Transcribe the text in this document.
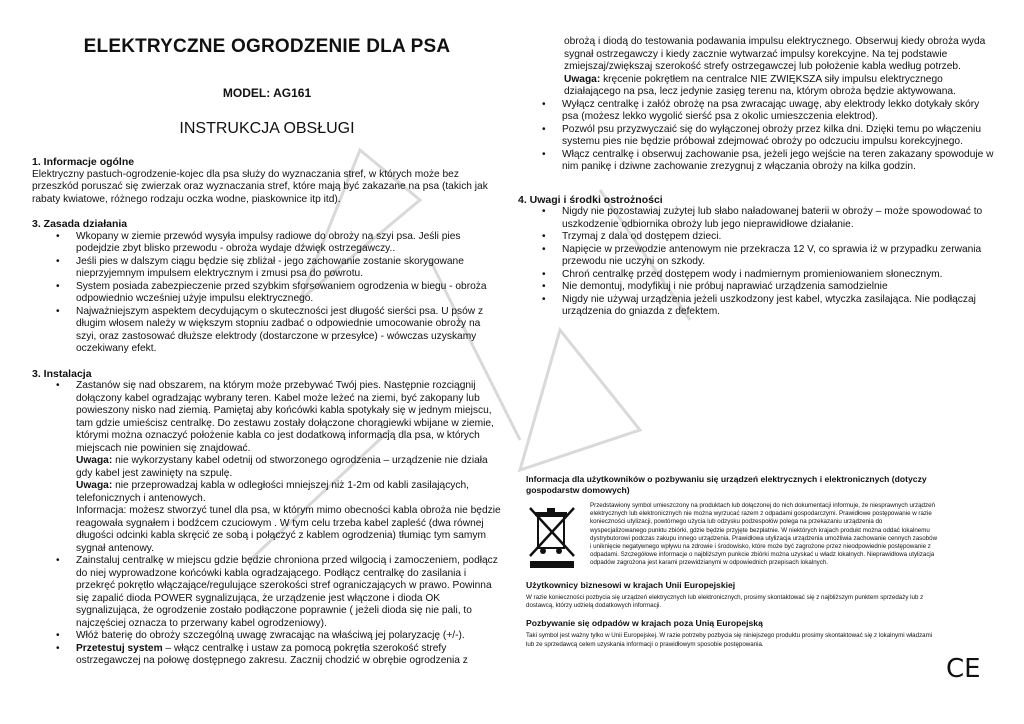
ELEKTRYCZNE OGRODZENIE DLA PSA
MODEL: AG161
INSTRUKCJA OBSŁUGI
1. Informacje ogólne

Elektryczny pastuch-ogrodzenie-kojec dla psa służy do wyznaczania stref, w których może bez przeszkód poruszać się zwierzak oraz wyznaczania stref, które mają być zakazane na psa (takich jak rabaty kwiatowe, różnego rodzaju oczka wodne, piaskownice itp itd).

3. Zasada działania
• Wkopany w ziemie przewód wysyła impulsy radiowe do obroży na szyi psa. Jeśli pies podejdzie zbyt blisko przewodu - obroża wydaje dźwięk ostrzegawczy..
• Jeśli pies w dalszym ciągu będzie się zbliżał - jego zachowanie zostanie skorygowane nieprzyjemnym impulsem elektrycznym i zmusi psa do powrotu.
• System posiada zabezpieczenie przed szybkim sforsowaniem ogrodzenia w biegu - obroża odpowiednio wcześniej użyje impulsu elektrycznego.
• Najważniejszym aspektem decydującym o skuteczności jest długość sierści psa. U psów z długim włosem należy w większym stopniu zadbać o odpowiednie umocowanie obroży na szyi, oraz zastosować dłuższe elektrody (dostarczone w przesyłce) - wówczas uzyskamy oczekiwany efekt.
3. Instalacja
• Zastanów się nad obszarem, na którym może przebywać Twój pies. Następnie rozciągnij dołączony kabel ogradzając wybrany teren. Kabel może leżeć na ziemi, być zakopany lub powieszony nisko nad ziemią. Pamiętaj aby końcówki kabla spotykały się w jednym miejscu, tam gdzie umieścisz centralkę. Do zestawu zostały dołączone chorągiewki wbijane w ziemie, którymi można oznaczyć położenie kabla co jest dodatkową informacją dla psa, w których miejscach nie powinien się znajdować.
Uwaga: nie wykorzystany kabel odetnij od stworzonego ogrodzenia – urządzenie nie działa gdy kabel jest zawinięty na szpulę.
Uwaga: nie przeprowadzaj kabla w odległości mniejszej niż 1-2m od kabli zasilających, telefonicznych i antenowych.
Informacja: możesz stworzyć tunel dla psa, w którym mimo obecności kabla obroża nie będzie reagowała sygnałem i bodźcem czuciowym . W tym celu trzeba kabel zapleść (dwa równej długości odcinki kabla skręcić ze sobą i połączyć z kablem ogrodzenia) tłumiąc tym samym sygnał antenowy.
• Zainstaluj centralkę w miejscu gdzie będzie chroniona przed wilgocią i zamoczeniem, podłącz do niej wyprowadzone końcówki kabla ogradzającego. Podłącz centralkę do zasilania i przekręć pokrętło włączające/regulujące szerokości stref ograniczających w prawo. Powinna się zapalić dioda POWER sygnalizująca, że urządzenie jest włączone i dioda OK sygnalizująca, że ogrodzenie zostało podłączone poprawnie ( jeżeli dioda się nie pali, to najczęściej oznacza to przerwany kabel ogrodzeniowy).
• Włóż baterię do obroży szczególną uwagę zwracając na właściwą jej polaryzację (+/-).
• Przetestuj system – włącz centralkę i ustaw za pomocą pokrętła szerokość strefy ostrzegawczej na połowę dostępnego zakresu. Zacznij chodzić w obrębie ogrodzenia z
obrożą i diodą do testowania podawania impulsu elektrycznego. Obserwuj kiedy obroża wyda sygnał ostrzegawczy i kiedy zacznie wytwarzać impulsy korekcyjne. Na tej podstawie zmiejszaj/zwiększaj szerokość strefy ostrzegawczej lub położenie kabla według potrzeb.
Uwaga: kręcenie pokrętłem na centralce NIE ZWIĘKSZA siły impulsu elektrycznego działającego na psa, lecz jedynie zasięg terenu na, którym obroża będzie aktywowana.
• Wyłącz centralkę i załóż obrożę na psa zwracając uwagę, aby elektrody lekko dotykały skóry psa (możesz lekko wygolić sierść psa z okolic umieszczenia elektrod).
• Pozwól psu przyzwyczaić się do wyłączonej obroży przez kilka dni. Dzięki temu po włączeniu systemu pies nie będzie próbował zdejmować obroży po odczuciu impulsu korekcyjnego.
• Włącz centralkę i obserwuj zachowanie psa, jeżeli jego wejście na teren zakazany spowoduje w nim panikę i dziwne zachowanie zrezygnuj z włączania obroży na kilka godzin.
4. Uwagi i środki ostrożności
• Nigdy nie pozostawiaj zużytej lub słabo naładowanej baterii w obroży – może spowodować to uszkodzenie odbiornika obroży lub jego nieprawidłowe działanie.
• Trzymaj z dala od dostępem dzieci.
• Napięcie w przewodzie antenowym nie przekracza 12 V, co sprawia iż w przypadku zerwania przewodu nie uczyni on szkody.
• Chroń centralkę przed dostępem wody i nadmiernym promieniowaniem słonecznym.
• Nie demontuj, modyfikuj i nie próbuj naprawiać urządzenia samodzielnie
• Nigdy nie używaj urządzenia jeżeli uszkodzony jest kabel, wtyczka zasilająca. Nie podłączaj urządzenia do gniazda z defektem.
Informacja dla użytkowników o pozbywaniu się urządzeń elektrycznych i elektronicznych (dotyczy gospodarstw domowych)
Przedstawiony symbol umieszczony na produktach lub dołączonej do nich dokumentacji informuje, że niesprawnych urządzeń elektrycznych lub elektronicznych nie można wyrzucać razem z odpadami gospodarczymi. Prawidłowe postępowanie w razie konieczności utylizacji, powtórnego użycia lub odzysku podzespołów polega na przekazaniu urządzenia do wyspecjalizowanego punktu zbiórki, gdzie będzie przyjęte bezpłatnie. W niektórych krajach produkt można oddać lokalnemu dystrybutorowi podczas zakupu innego urządzenia. Prawidłowa utylizacja urządzenia umożliwia zachowanie cennych zasobów i uniknięcie negatywnego wpływu na zdrowie i środowisko, które może być zagrożone przez nieodpowiednie postępowanie z odpadami. Szczegółowe informacje o najbliższym punkcie zbiórki można uzyskać u władz lokalnych. Nieprawidłowa utylizacja odpadów zagrożona jest karami przewidzianymi w odpowiednich przepisach lokalnych.
Użytkownicy biznesowi w krajach Unii Europejskiej
W razie konieczności pozbycia się urządzeń elektrycznych lub elektronicznych, prosimy skontaktować się z najbliższym punktem sprzedaży lub z dostawcą, którzy udzielą dodatkowych informacji.
Pozbywanie się odpadów w krajach poza Unią Europejską
Taki symbol jest ważny tylko w Unii Europejskej. W razie potrzeby pozbycia się niniejszego produktu prosimy skontaktować się z lokalnymi władzami lub ze sprzedawcą celem uzyskania informacji o prawidłowym sposobie postępowania.
CE
